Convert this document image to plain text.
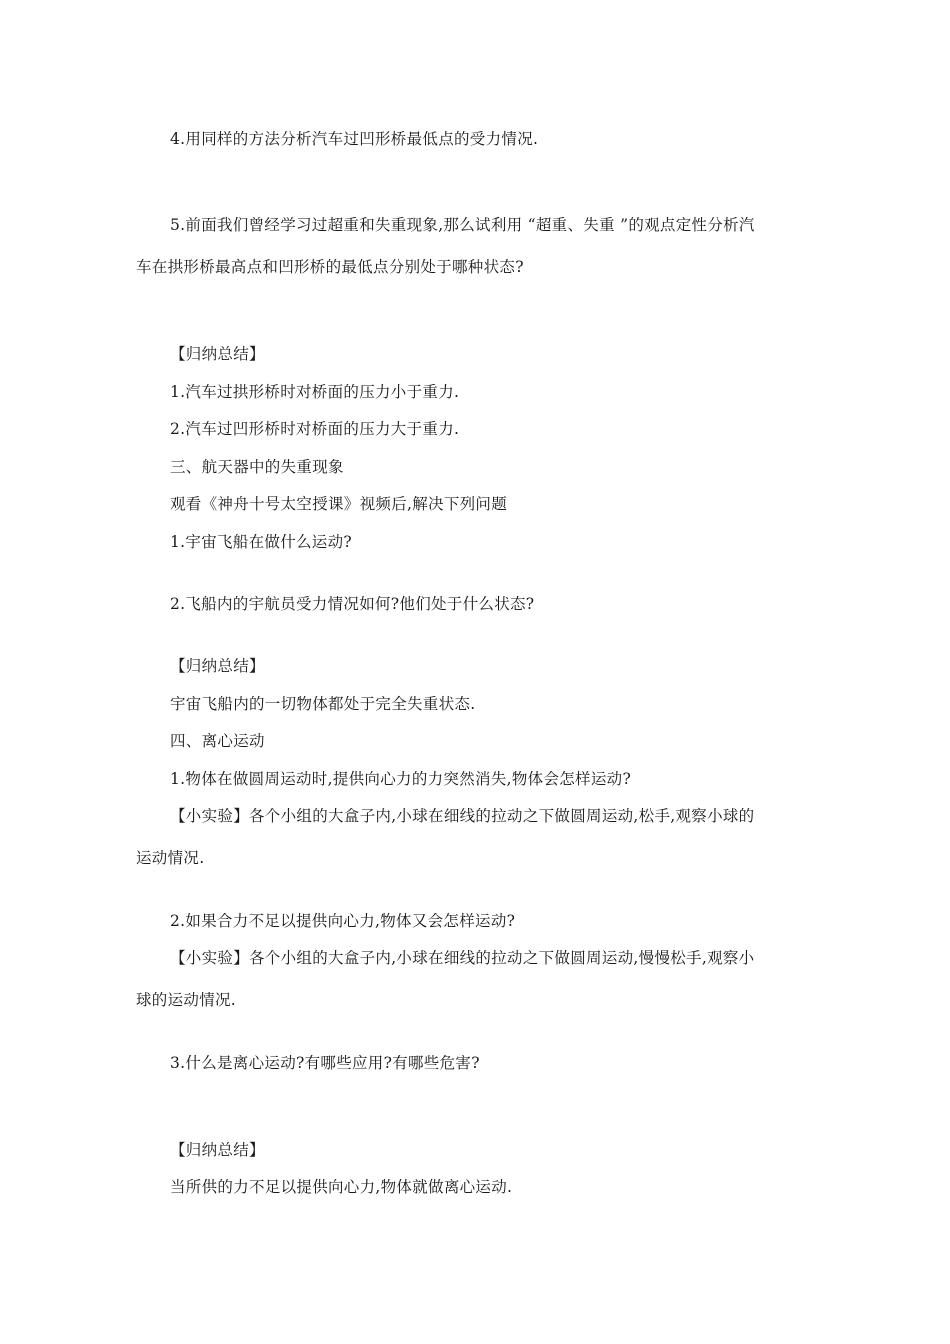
4.用同样的方法分析汽车过凹形桥最低点的受力情况.
5.前面我们曾经学习过超重和失重现象,那么试利用 “超重、失重 ”的观点定性分析汽
车在拱形桥最高点和凹形桥的最低点分别处于哪种状态?
【归纳总结】
1.汽车过拱形桥时对桥面的压力小于重力.
2.汽车过凹形桥时对桥面的压力大于重力.
三、航天器中的失重现象
观看《神舟十号太空授课》视频后,解决下列问题
1.宇宙飞船在做什么运动?
2.飞船内的宇航员受力情况如何?他们处于什么状态?
【归纳总结】
宇宙飞船内的一切物体都处于完全失重状态.
四、离心运动
1.物体在做圆周运动时,提供向心力的力突然消失,物体会怎样运动?
【小实验】各个小组的大盒子内,小球在细线的拉动之下做圆周运动,松手,观察小球的
运动情况.
2.如果合力不足以提供向心力,物体又会怎样运动?
【小实验】各个小组的大盒子内,小球在细线的拉动之下做圆周运动,慢慢松手,观察小
球的运动情况.
3.什么是离心运动?有哪些应用?有哪些危害?
【归纳总结】
当所供的力不足以提供向心力,物体就做离心运动.
